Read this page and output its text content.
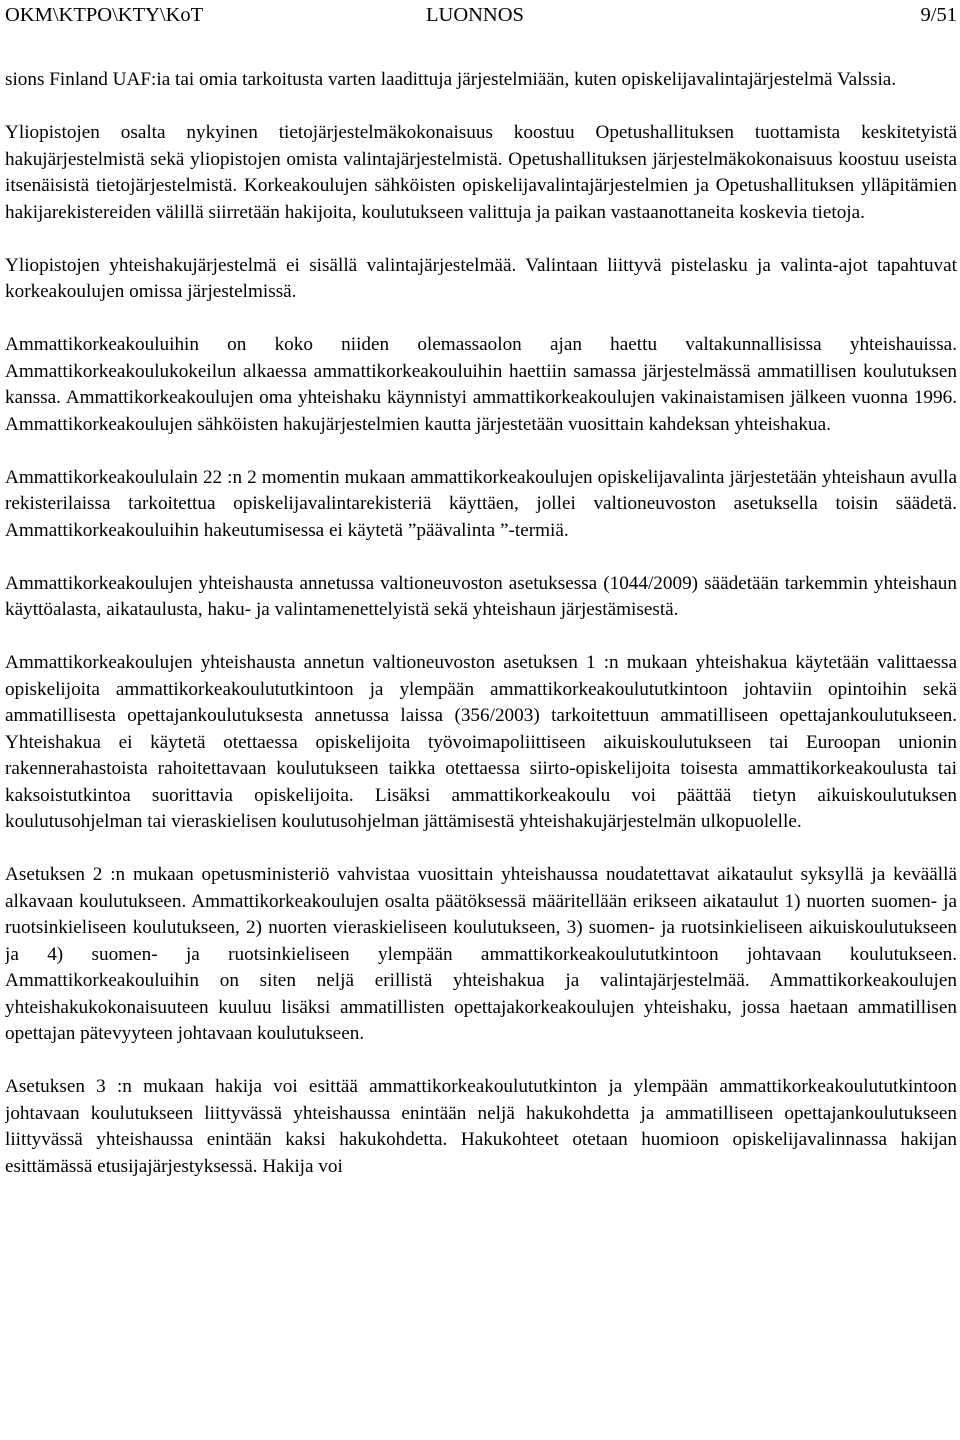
OKM\KTPO\KTY\KoT	LUONNOS	9/51

sions Finland UAF:ia tai omia tarkoitusta varten laadittuja järjestelmiään, kuten opiskelijavalintajärjestelmä Valssia.

Yliopistojen osalta nykyinen tietojärjestelmäkokonaisuus koostuu Opetushallituksen tuottamista keskitetyistä hakujärjestelmistä sekä yliopistojen omista valintajärjestelmistä. Opetushallituksen järjestelmäkokonaisuus koostuu useista itsenäisistä tietojärjestelmistä. Korkeakoulujen sähköisten opiskelijavalintajärjestelmien ja Opetushallituksen ylläpitämien hakijarekistereiden välillä siirretään hakijoita, koulutukseen valittuja ja paikan vastaanottaneita koskevia tietoja.

Yliopistojen yhteishakujärjestelmä ei sisällä valintajärjestelmää. Valintaan liittyvä pistelasku ja valinta-ajot tapahtuvat korkeakoulujen omissa järjestelmissä.

Ammattikorkeakouluihin on koko niiden olemassaolon ajan haettu valtakunnallisissa yhteishauissa. Ammattikorkeakoulukokeilun alkaessa ammattikorkeakouluihin haettiin samassa järjestelmässä ammatillisen koulutuksen kanssa. Ammattikorkeakoulujen oma yhteishaku käynnistyi ammattikorkeakoulujen vakinaistamisen jälkeen vuonna 1996. Ammattikorkeakoulujen sähköisten hakujärjestelmien kautta järjestetään vuosittain kahdeksan yhteishakua.

Ammattikorkeakoululain 22 :n 2 momentin mukaan ammattikorkeakoulujen opiskelijavalinta järjestetään yhteishaun avulla rekisterilaissa tarkoitettua opiskelijavalintarekisteriä käyttäen, jollei valtioneuvoston asetuksella toisin säädetä. Ammattikorkeakouluihin hakeutumisessa ei käytetä ”päävalinta ”-termiä.

Ammattikorkeakoulujen yhteishausta annetussa valtioneuvoston asetuksessa (1044/2009) säädetään tarkemmin yhteishaun käyttöalasta, aikataulusta, haku- ja valintamenettelyistä sekä yhteishaun järjestämisestä.

Ammattikorkeakoulujen yhteishausta annetun valtioneuvoston asetuksen 1 :n mukaan yhteishakua käytetään valittaessa opiskelijoita ammattikorkeakoulututkintoon ja ylempään ammattikorkeakoulututkintoon johtaviin opintoihin sekä ammatillisesta opettajankoulutuksesta annetussa laissa (356/2003) tarkoitettuun ammatilliseen opettajankoulutukseen. Yhteishakua ei käytetä otettaessa opiskelijoita työvoimapoliittiseen aikuiskoulutukseen tai Euroopan unionin rakennerahastoista rahoitettavaan koulutukseen taikka otettaessa siirto-opiskelijoita toisesta ammattikorkeakoulusta tai kaksoistutkintoa suorittavia opiskelijoita. Lisäksi ammattikorkeakoulu voi päättää tietyn aikuiskoulutuksen koulutusohjelman tai vieraskielisen koulutusohjelman jättämisestä yhteishakujärjestelmän ulkopuolelle.

Asetuksen 2 :n mukaan opetusministeriö vahvistaa vuosittain yhteishaussa noudatettavat aikataulut syksyllä ja keväällä alkavaan koulutukseen. Ammattikorkeakoulujen osalta päätöksessä määritellään erikseen aikataulut 1) nuorten suomen- ja ruotsinkieliseen koulutukseen, 2) nuorten vieraskieliseen koulutukseen, 3) suomen- ja ruotsinkieliseen aikuiskoulutukseen ja 4) suomen- ja ruotsinkieliseen ylempään ammattikorkeakoulututkintoon johtavaan koulutukseen. Ammattikorkeakouluihin on siten neljä erillistä yhteishakua ja valintajärjestelmää. Ammattikorkeakoulujen yhteishakukokonaisuuteen kuuluu lisäksi ammatillisten opettajakorkeakoulujen yhteishaku, jossa haetaan ammatillisen opettajan pätevyyteen johtavaan koulutukseen.

Asetuksen 3 :n mukaan hakija voi esittää ammattikorkeakoulututkinton ja ylempään ammattikorkeakoulututkintoon johtavaan koulutukseen liittyvässä yhteishaussa enintään neljä hakukohdetta ja ammatilliseen opettajankoulutukseen liittyvässä yhteishaussa enintään kaksi hakukohdetta. Hakukohteet otetaan huomioon opiskelijavalinnassa hakijan esittämässä etusijajärjestyksessä. Hakija voi
